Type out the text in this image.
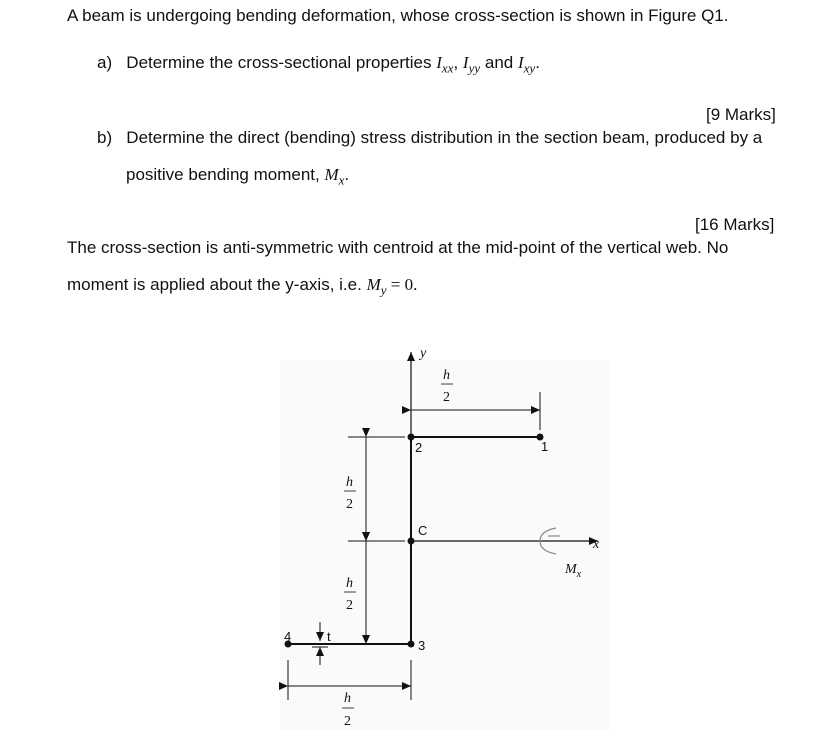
A beam is undergoing bending deformation, whose cross-section is shown in Figure Q1.
a) Determine the cross-sectional properties $I_{xx}$, $I_{yy}$ and $I_{xy}$.
[9 Marks]
b) Determine the direct (bending) stress distribution in the section beam, produced by a
positive bending moment, $M_x$.
[16 Marks]
The cross-section is anti-symmetric with centroid at the mid-point of the vertical web. No
moment is applied about the y-axis, i.e. $M_y = 0$.
y
x
$M_x$
2	1
C
3
4
h
2
h
2
h
2
t
h
2
